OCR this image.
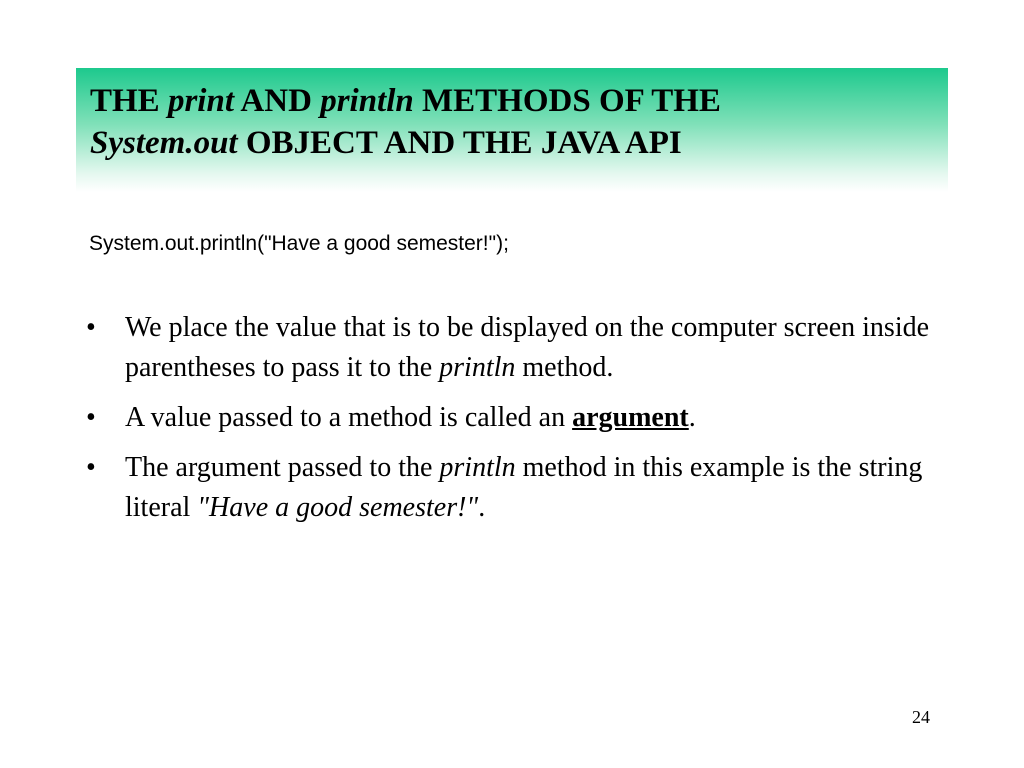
THE print AND println METHODS OF THE
System.out OBJECT AND THE JAVA API

System.out.println("Have a good semester!");

• We place the value that is to be displayed on the computer screen inside parentheses to pass it to the println method.
• A value passed to a method is called an argument.
• The argument passed to the println method in this example is the string literal "Have a good semester!".
24
